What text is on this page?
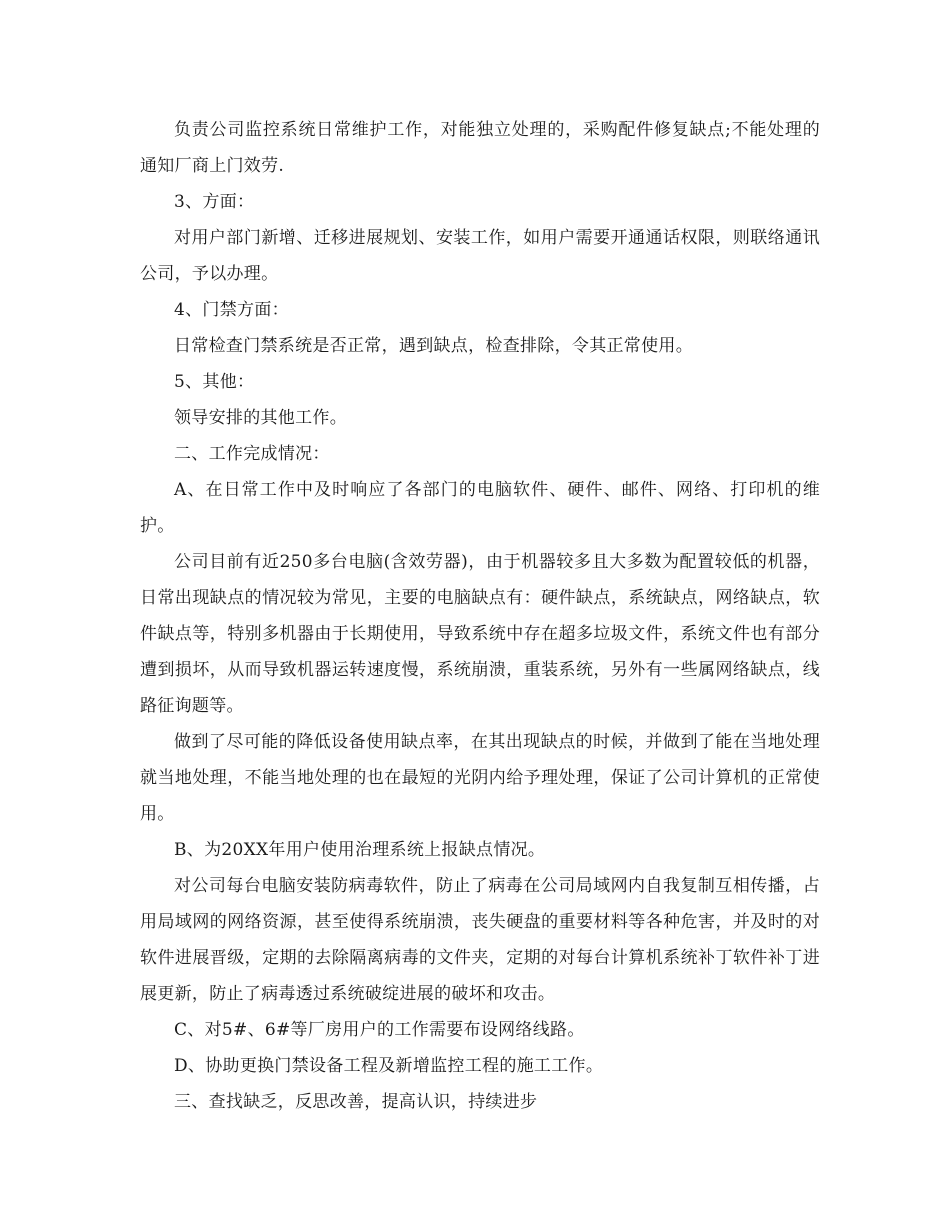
负责公司监控系统日常维护工作，对能独立处理的，采购配件修复缺点;不能处理的通知厂商上门效劳.

3、方面：

对用户部门新增、迁移进展规划、安装工作，如用户需要开通通话权限，则联络通讯公司，予以办理。

4、门禁方面：

日常检查门禁系统是否正常，遇到缺点，检查排除，令其正常使用。

5、其他：

领导安排的其他工作。

二、工作完成情况：

A、在日常工作中及时响应了各部门的电脑软件、硬件、邮件、网络、打印机的维护。

公司目前有近250多台电脑(含效劳器)，由于机器较多且大多数为配置较低的机器，日常出现缺点的情况较为常见，主要的电脑缺点有：硬件缺点，系统缺点，网络缺点，软件缺点等，特别多机器由于长期使用，导致系统中存在超多垃圾文件，系统文件也有部分遭到损坏，从而导致机器运转速度慢，系统崩溃，重装系统，另外有一些属网络缺点，线路征询题等。

做到了尽可能的降低设备使用缺点率，在其出现缺点的时候，并做到了能在当地处理就当地处理，不能当地处理的也在最短的光阴内给予理处理，保证了公司计算机的正常使用。

B、为20XX年用户使用治理系统上报缺点情况。

对公司每台电脑安装防病毒软件，防止了病毒在公司局域网内自我复制互相传播，占用局域网的网络资源，甚至使得系统崩溃，丧失硬盘的重要材料等各种危害，并及时的对软件进展晋级，定期的去除隔离病毒的文件夹，定期的对每台计算机系统补丁软件补丁进展更新，防止了病毒透过系统破绽进展的破坏和攻击。

C、对5#、6#等厂房用户的工作需要布设网络线路。

D、协助更换门禁设备工程及新增监控工程的施工工作。

三、查找缺乏，反思改善，提高认识，持续进步
